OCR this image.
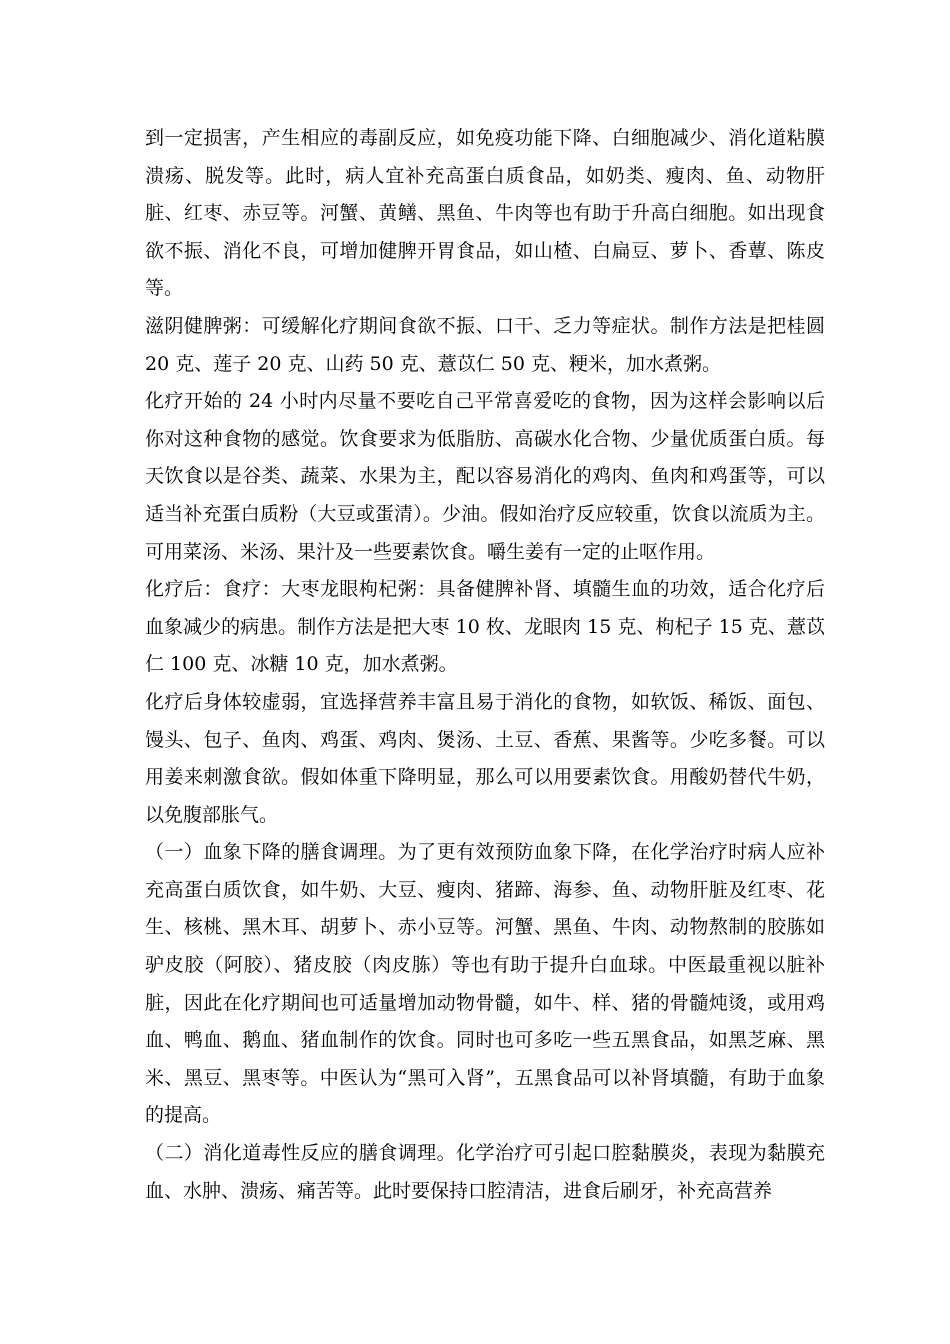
到一定损害，产生相应的毒副反应，如免疫功能下降、白细胞减少、消化道粘膜溃疡、脱发等。此时，病人宜补充高蛋白质食品，如奶类、瘦肉、鱼、动物肝脏、红枣、赤豆等。河蟹、黄鳝、黑鱼、牛肉等也有助于升高白细胞。如出现食欲不振、消化不良，可增加健脾开胃食品，如山楂、白扁豆、萝卜、香蕈、陈皮等。

滋阴健脾粥：可缓解化疗期间食欲不振、口干、乏力等症状。制作方法是把桂圆 20 克、莲子 20 克、山药 50 克、薏苡仁 50 克、粳米，加水煮粥。

化疗开始的 24 小时内尽量不要吃自己平常喜爱吃的食物，因为这样会影响以后你对这种食物的感觉。饮食要求为低脂肪、高碳水化合物、少量优质蛋白质。每天饮食以是谷类、蔬菜、水果为主，配以容易消化的鸡肉、鱼肉和鸡蛋等，可以适当补充蛋白质粉（大豆或蛋清）。少油。假如治疗反应较重，饮食以流质为主。可用菜汤、米汤、果汁及一些要素饮食。嚼生姜有一定的止呕作用。

化疗后：食疗：大枣龙眼枸杞粥：具备健脾补肾、填髓生血的功效，适合化疗后血象减少的病患。制作方法是把大枣 10 枚、龙眼肉 15 克、枸杞子 15 克、薏苡仁 100 克、冰糖 10 克，加水煮粥。

化疗后身体较虚弱，宜选择营养丰富且易于消化的食物，如软饭、稀饭、面包、馒头、包子、鱼肉、鸡蛋、鸡肉、煲汤、土豆、香蕉、果酱等。少吃多餐。可以用姜来刺激食欲。假如体重下降明显，那么可以用要素饮食。用酸奶替代牛奶，以免腹部胀气。

（一）血象下降的膳食调理。为了更有效预防血象下降，在化学治疗时病人应补充高蛋白质饮食，如牛奶、大豆、瘦肉、猪蹄、海参、鱼、动物肝脏及红枣、花生、核桃、黑木耳、胡萝卜、赤小豆等。河蟹、黑鱼、牛肉、动物熬制的胶胨如驴皮胶（阿胶）、猪皮胶（肉皮胨）等也有助于提升白血球。中医最重视以脏补脏，因此在化疗期间也可适量增加动物骨髓，如牛、样、猪的骨髓炖烫，或用鸡血、鸭血、鹅血、猪血制作的饮食。同时也可多吃一些五黑食品，如黑芝麻、黑米、黑豆、黑枣等。中医认为“黑可入肾”，五黑食品可以补肾填髓，有助于血象的提高。

（二）消化道毒性反应的膳食调理。化学治疗可引起口腔黏膜炎，表现为黏膜充血、水肿、溃疡、痛苦等。此时要保持口腔清洁，进食后刷牙，补充高营养
